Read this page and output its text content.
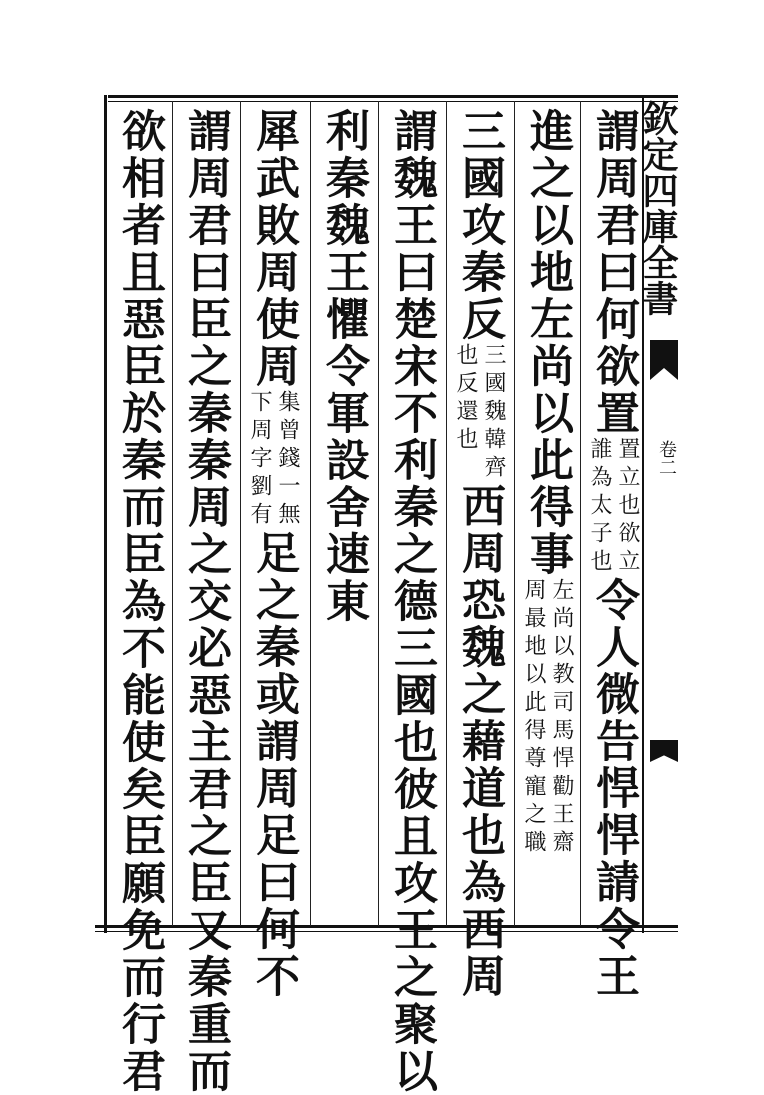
欽定四庫全書
卷二
謂周君曰何欲置
置立也欲立
誰為太子也
令人微告悍悍請令王
進之以地左尚以此得事
左尚以教司馬悍勸王齋
周最地以此得尊寵之職
三國攻秦反
三國魏韓齊
也反還也
西周恐魏之藉道也為西周
謂魏王曰楚宋不利秦之德三國也彼且攻王之聚以
利秦魏王懼令軍設舍速東
犀武敗周使周
集曾錢一無
下周字劉有
足之秦或謂周足曰何不
謂周君曰臣之秦秦周之交必惡主君之臣又秦重而
欲相者且惡臣於秦而臣為不能使矣臣願免而行君
